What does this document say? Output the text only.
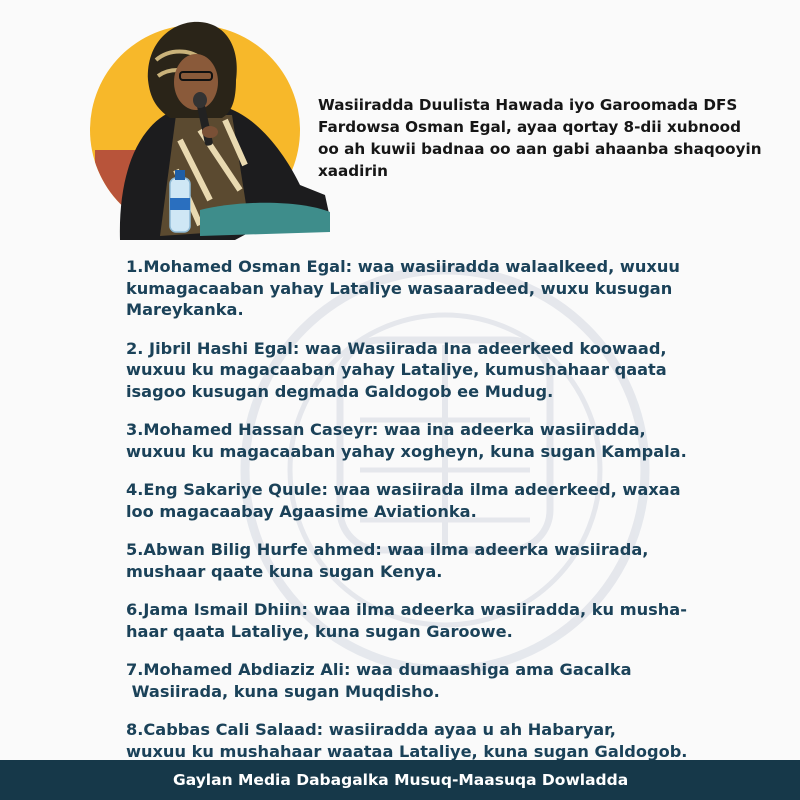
Wasiiradda Duulista Hawada iyo Garoomada DFS
Fardowsa Osman Egal, ayaa qortay 8-dii xubnood
oo ah kuwii badnaa oo aan gabi ahaanba shaqooyin
xaadirin

1.Mohamed Osman Egal: waa wasiiradda walaalkeed, wuxuu
kumagacaaban yahay Lataliye wasaaradeed, wuxu kusugan
Mareykanka.
2. Jibril Hashi Egal: waa Wasiirada Ina adeerkeed koowaad,
wuxuu ku magacaaban yahay Lataliye, kumushahaar qaata
isagoo kusugan degmada Galdogob ee Mudug.
3.Mohamed Hassan Caseyr: waa ina adeerka wasiiradda,
wuxuu ku magacaaban yahay xogheyn, kuna sugan Kampala.
4.Eng Sakariye Quule: waa wasiirada ilma adeerkeed, waxaa
loo magacaabay Agaasime Aviationka.
5.Abwan Bilig Hurfe ahmed: waa ilma adeerka wasiirada,
mushaar qaate kuna sugan Kenya.
6.Jama Ismail Dhiin: waa ilma adeerka wasiiradda, ku musha-
haar qaata Lataliye, kuna sugan Garoowe.
7.Mohamed Abdiaziz Ali: waa dumaashiga ama Gacalka
Wasiirada, kuna sugan Muqdisho.
8.Cabbas Cali Salaad: wasiiradda ayaa u ah Habaryar,
wuxuu ku mushahaar waataa Lataliye, kuna sugan Galdogob.

Gaylan Media Dabagalka Musuq-Maasuqa Dowladda
